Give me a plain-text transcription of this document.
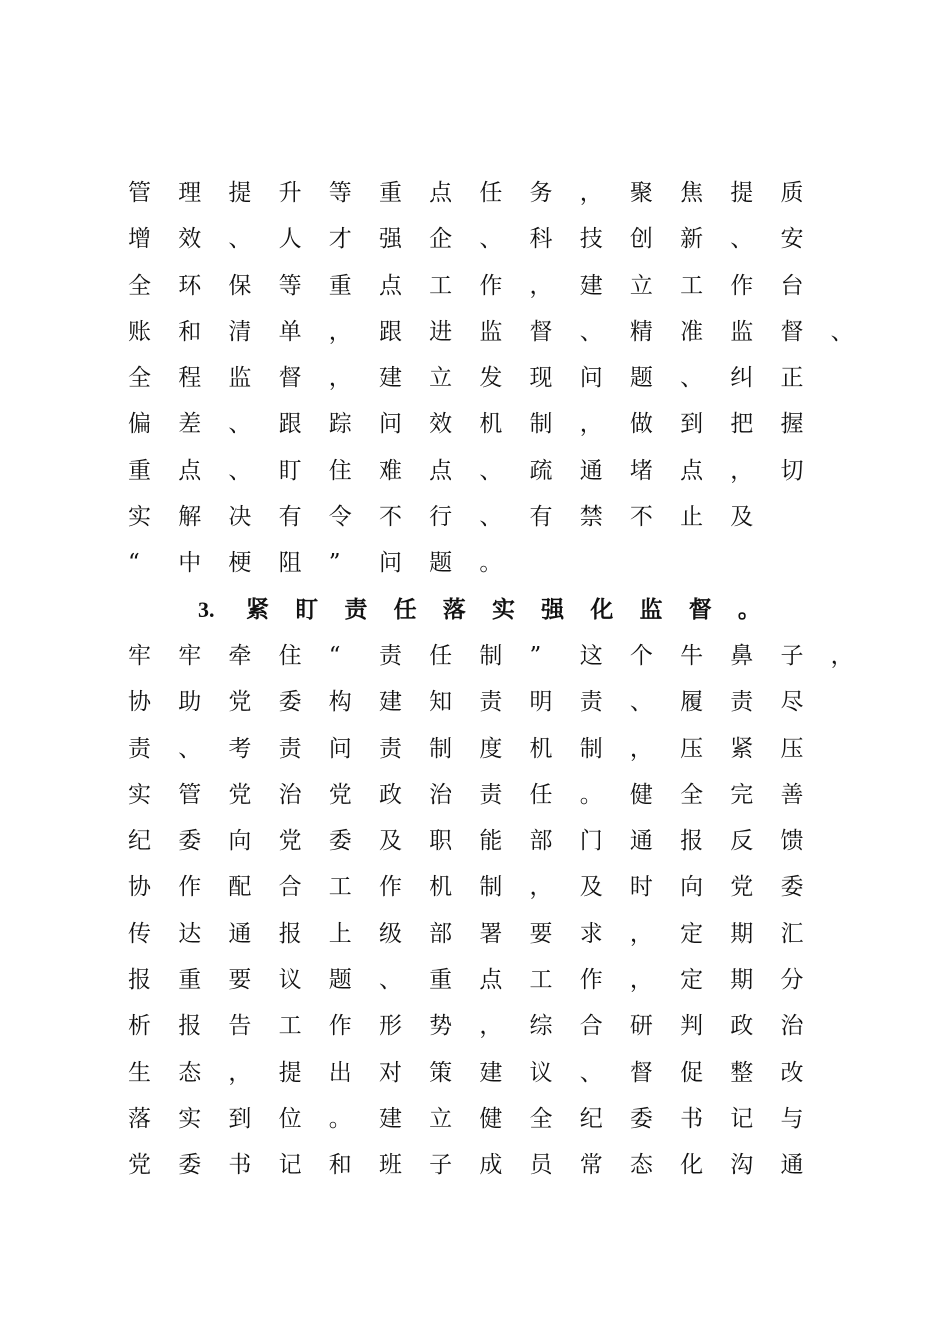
管 理 提 升 等 重 点 任 务 ， 聚 焦 提 质
增 效 、 人 才 强 企 、 科 技 创 新 、 安
全 环 保 等 重 点 工 作 ， 建 立 工 作 台
账 和 清 单 ， 跟 进 监 督 、 精 准 监 督 、
全 程 监 督 ， 建 立 发 现 问 题 、 纠 正
偏 差 、 跟 踪 问 效 机 制 ， 做 到 把 握
重 点 、 盯 住 难 点 、 疏 通 堵 点 ， 切
实 解 决 有 令 不 行 、 有 禁 不 止 及
“ 中 梗 阻 ” 问 题 。
3.	紧 盯 责 任 落 实 强 化 监 督 。
牢 牢 牵 住 “ 责 任 制 ” 这 个 牛 鼻 子 ，
协 助 党 委 构 建 知 责 明 责 、 履 责 尽
责 、 考 责 问 责 制 度 机 制 ， 压 紧 压
实 管 党 治 党 政 治 责 任 。 健 全 完 善
纪 委 向 党 委 及 职 能 部 门 通 报 反 馈
协 作 配 合 工 作 机 制 ， 及 时 向 党 委
传 达 通 报 上 级 部 署 要 求 ， 定 期 汇
报 重 要 议 题 、 重 点 工 作 ， 定 期 分
析 报 告 工 作 形 势 ， 综 合 研 判 政 治
生 态 ， 提 出 对 策 建 议 、 督 促 整 改
落 实 到 位 。 建 立 健 全 纪 委 书 记 与
党 委 书 记 和 班 子 成 员 常 态 化 沟 通
